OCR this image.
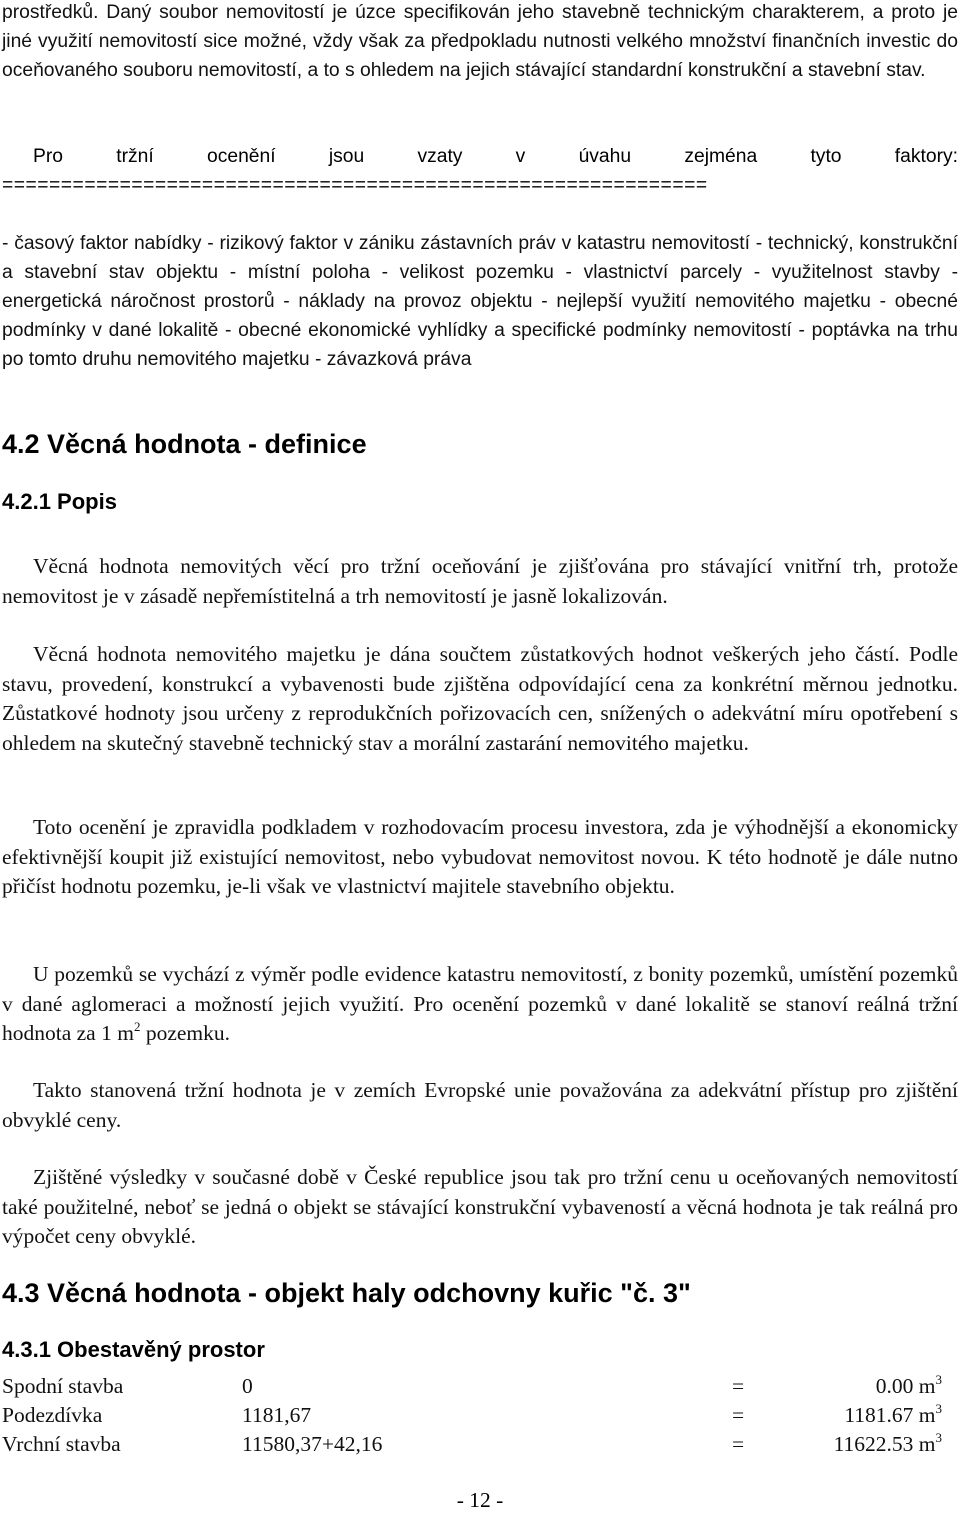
prostředků. Daný soubor nemovitostí je úzce specifikován jeho stavebně technickým charakterem, a proto je jiné využití nemovitostí sice možné, vždy však za předpokladu nutnosti velkého množství finančních investic do oceňovaného souboru nemovitostí, a to s ohledem na jejich stávající standardní konstrukční a stavební stav.

Pro tržní ocenění jsou vzaty v úvahu zejména tyto faktory:

============================================================

- časový faktor nabídky - rizikový faktor v zániku zástavních práv v katastru nemovitostí - technický, konstrukční a stavební stav objektu - místní poloha - velikost pozemku - vlastnictví parcely - využitelnost stavby - energetická náročnost prostorů - náklady na provoz objektu - nejlepší využití nemovitého majetku - obecné podmínky v dané lokalitě - obecné ekonomické vyhlídky a specifické podmínky nemovitostí - poptávka na trhu po tomto druhu nemovitého majetku - závazková práva

4.2 Věcná hodnota - definice
4.2.1 Popis

Věcná hodnota nemovitých věcí pro tržní oceňování je zjišťována pro stávající vnitřní trh, protože nemovitost je v zásadě nepřemístitelná a trh nemovitostí je jasně lokalizován.

Věcná hodnota nemovitého majetku je dána součtem zůstatkových hodnot veškerých jeho částí. Podle stavu, provedení, konstrukcí a vybavenosti bude zjištěna odpovídající cena za konkrétní měrnou jednotku. Zůstatkové hodnoty jsou určeny z reprodukčních pořizovacích cen, snížených o adekvátní míru opotřebení s ohledem na skutečný stavebně technický stav a morální zastarání nemovitého majetku.

Toto ocenění je zpravidla podkladem v rozhodovacím procesu investora, zda je výhodnější a ekonomicky efektivnější koupit již existující nemovitost, nebo vybudovat nemovitost novou. K této hodnotě je dále nutno přičíst hodnotu pozemku, je-li však ve vlastnictví majitele stavebního objektu.

U pozemků se vychází z výměr podle evidence katastru nemovitostí, z bonity pozemků, umístění pozemků v dané aglomeraci a možností jejich využití. Pro ocenění pozemků v dané lokalitě se stanoví reálná tržní hodnota za 1 $m^2$ pozemku.

Takto stanovená tržní hodnota je v zemích Evropské unie považována za adekvátní přístup pro zjištění obvyklé ceny.

Zjištěné výsledky v současné době v České republice jsou tak pro tržní cenu u oceňovaných nemovitostí také použitelné, neboť se jedná o objekt se stávající konstrukční vybaveností a věcná hodnota je tak reálná pro výpočet ceny obvyklé.

4.3 Věcná hodnota - objekt haly odchovny kuřic "č. 3"
4.3.1 Obestavěný prostor
Spodní stavba	0	=	0.00 $m^3$
Podezdívka	1181,67	=	1181.67 $m^3$
Vrchní stavba	11580,37+42,16	=	11622.53 $m^3$
- 12 -
